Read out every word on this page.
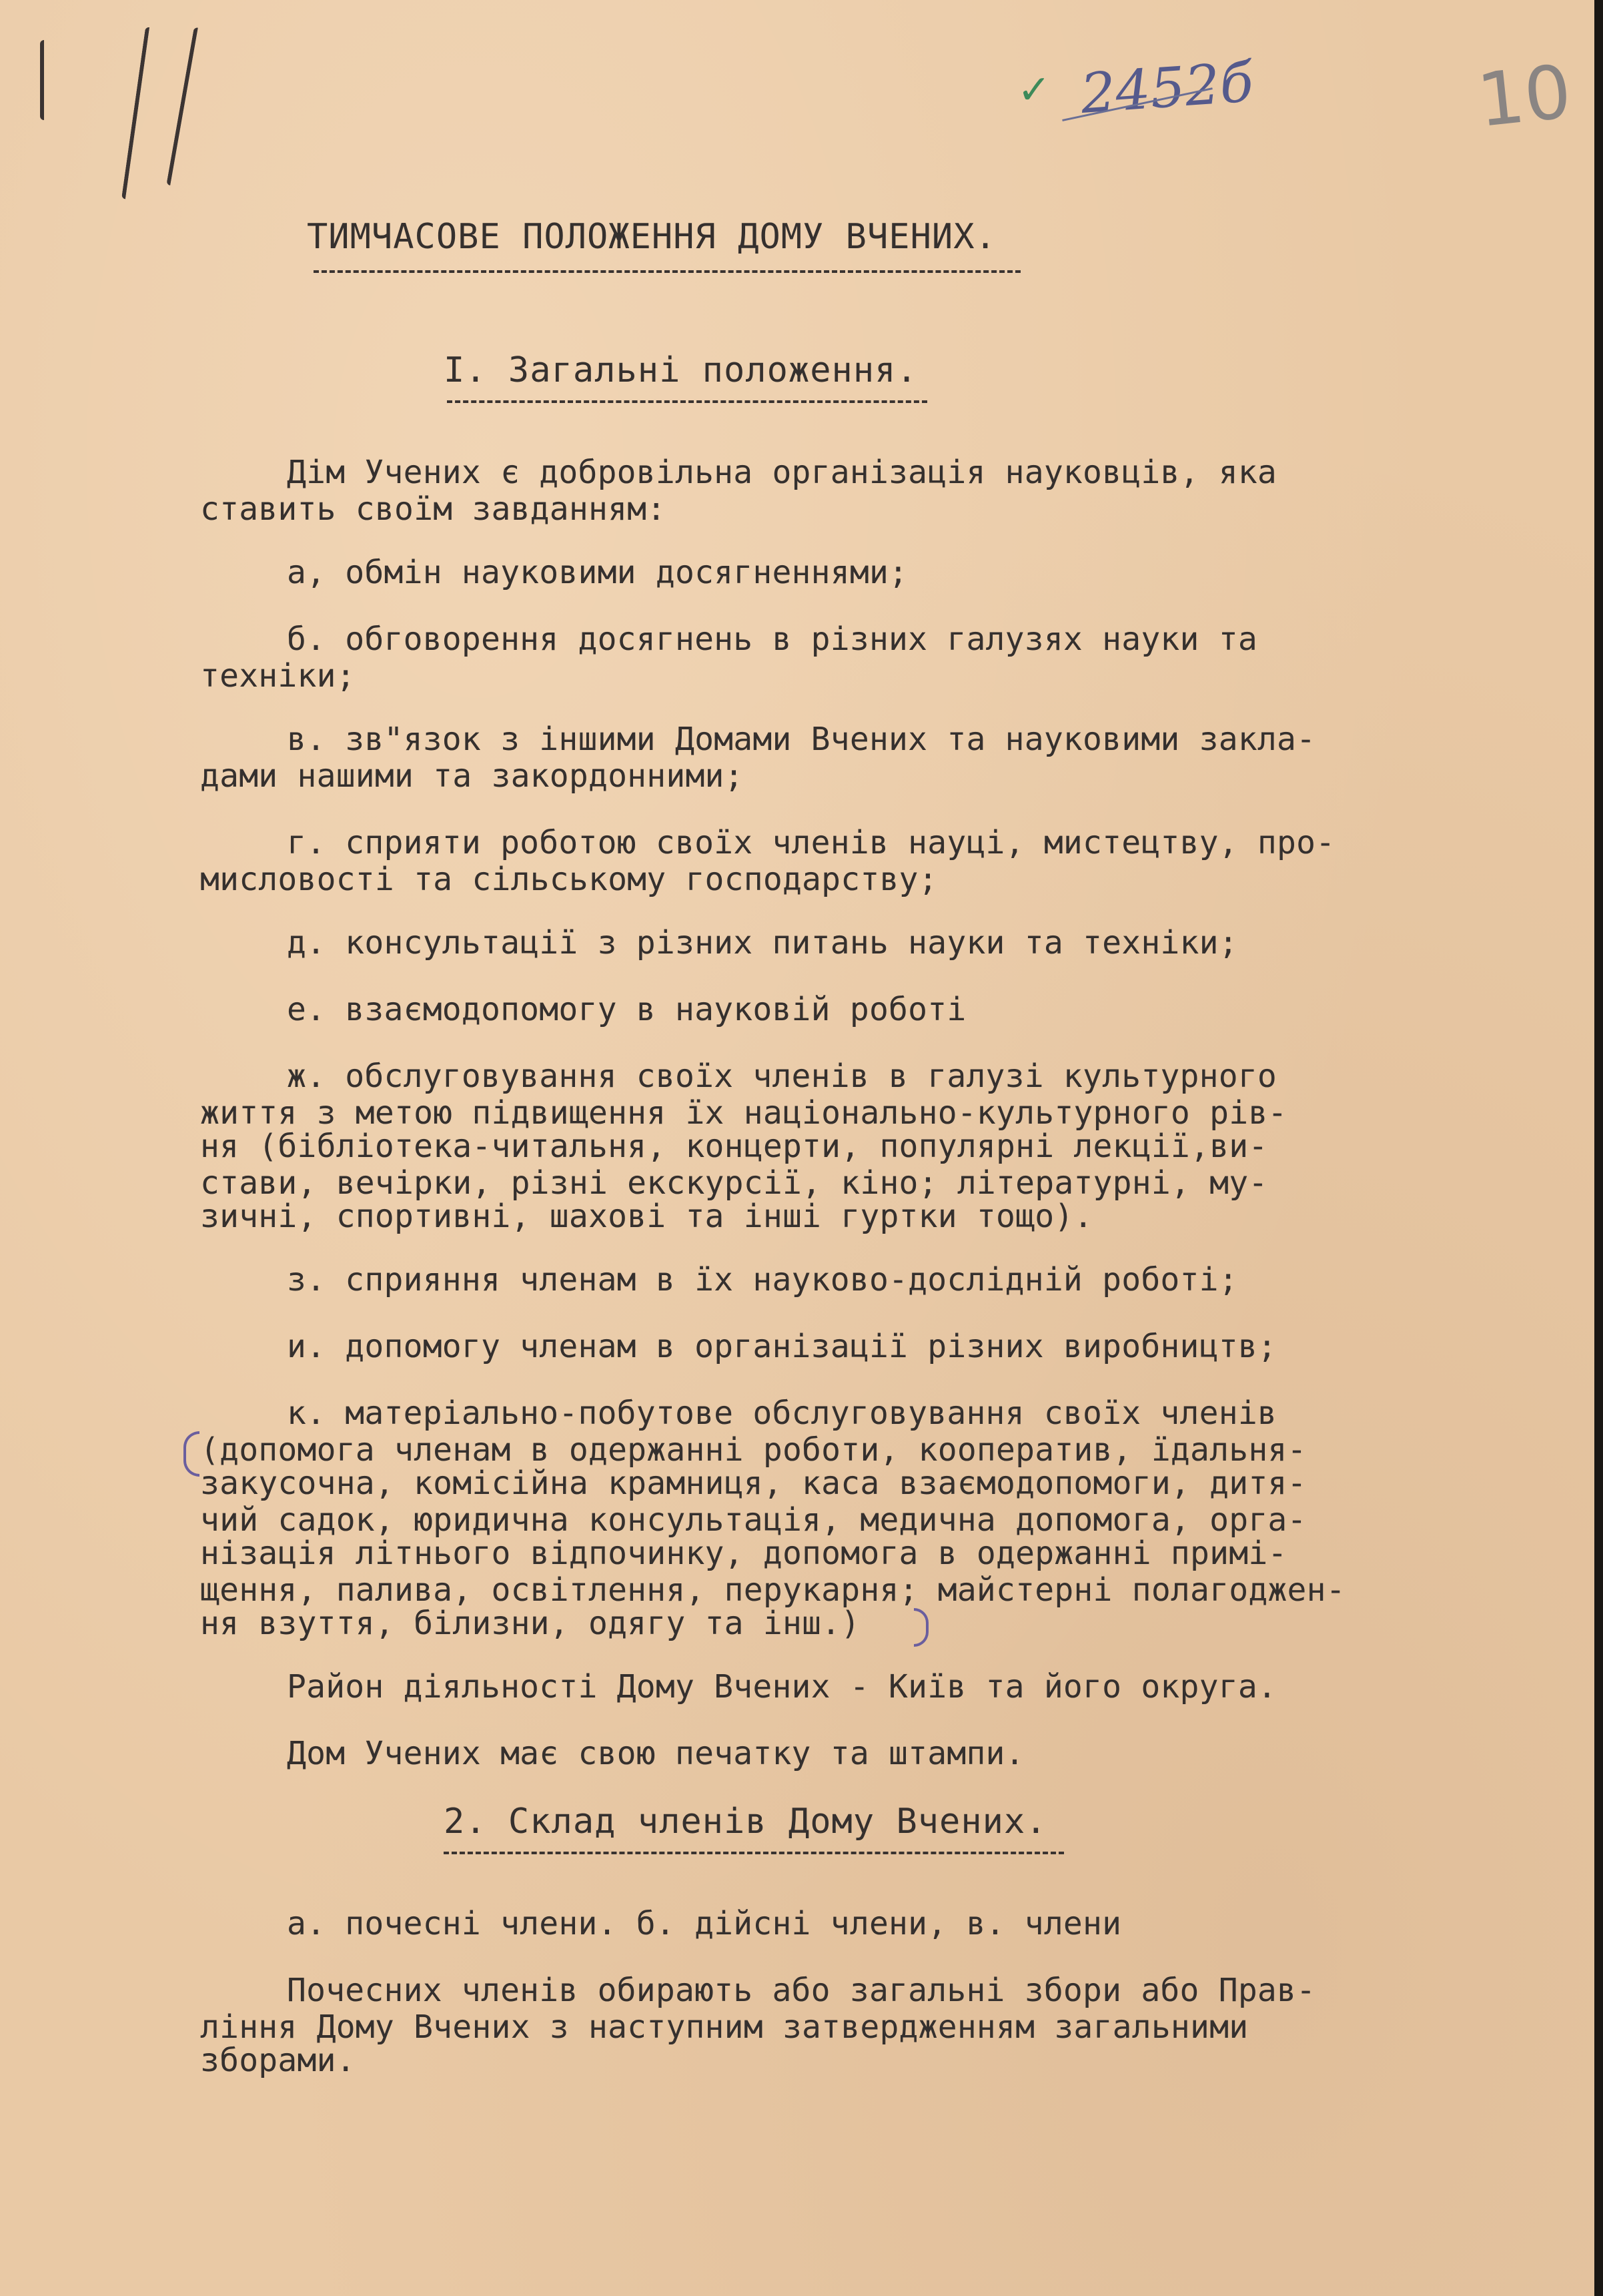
✓ 2452б	10
ТИМЧАСОВЕ ПОЛОЖЕННЯ ДОМУ ВЧЕНИХ.
I. Загальні положення.
Дім Учених є добровільна організація науковців, яка
ставить своїм завданням:
а, обмін науковими досягненнями;
б. обговорення досягнень в різних галузях науки та
техніки;
в. зв"язок з іншими Домами Вчених та науковими закла-
дами нашими та закордонними;
г. сприяти роботою своїх членів науці, мистецтву, про-
мисловості та сільському господарству;
д. консультації з різних питань науки та техніки;
е. взаємодопомогу в науковій роботі
ж. обслуговування своїх членів в галузі культурного
життя з метою підвищення їх національно-культурного рів-
ня (бібліотека-читальня, концерти, популярні лекції,ви-
стави, вечірки, різні екскурсії, кіно; літературні, му-
зичні, спортивні, шахові та інші гуртки тощо).
з. сприяння членам в їх науково-дослідній роботі;
и. допомогу членам в організації різних виробництв;
к. матеріально-побутове обслуговування своїх членів
(допомога членам в одержанні роботи, кооператив, їдальня-
закусочна, комісійна крамниця, каса взаємодопомоги, дитя-
чий садок, юридична консультація, медична допомога, орга-
нізація літнього відпочинку, допомога в одержанні примі-
щення, палива, освітлення, перукарня; майстерні полагоджен-
ня взуття, білизни, одягу та інш.)
Район діяльності Дому Вчених - Київ та його округа.
Дом Учених має свою печатку та штампи.
2. Склад членів Дому Вчених.
а. почесні члени. б. дійсні члени, в. члени
Почесних членів обирають або загальні збори або Прав-
ління Дому Вчених з наступним затвердженням загальними
зборами.
